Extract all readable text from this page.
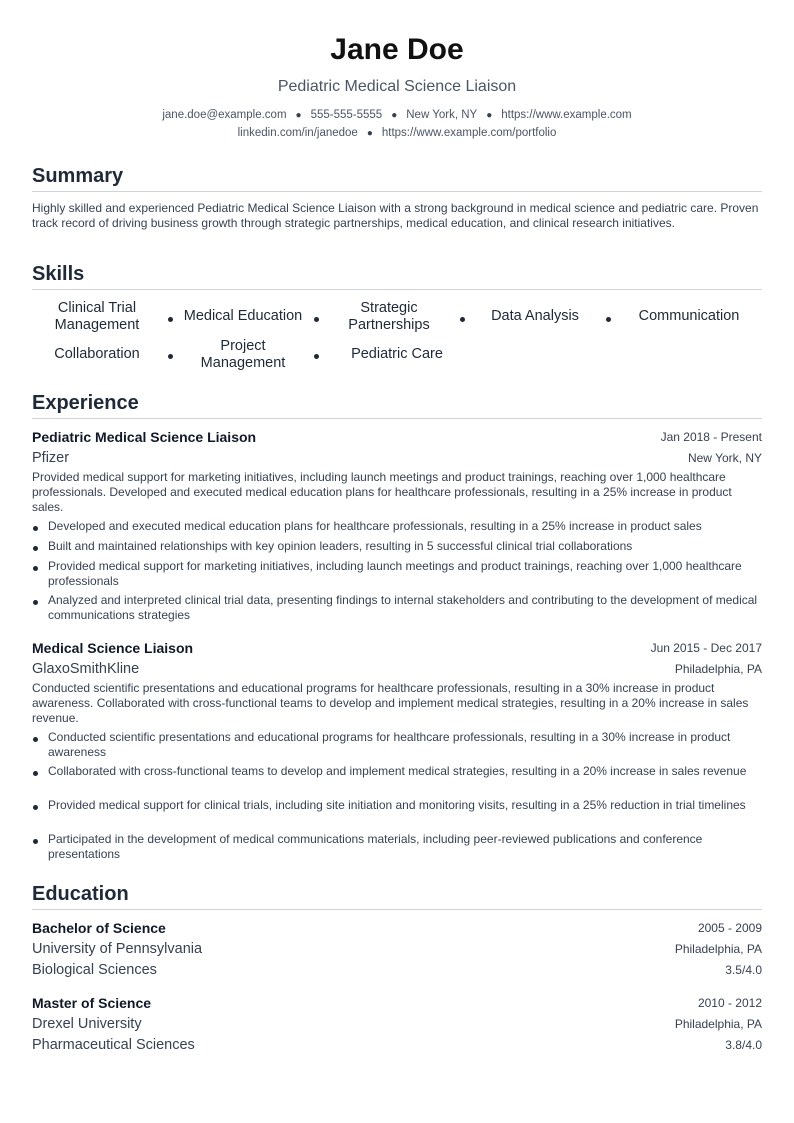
Jane Doe
Pediatric Medical Science Liaison
jane.doe@example.com ● 555-555-5555 ● New York, NY ● https://www.example.com
linkedin.com/in/janedoe ● https://www.example.com/portfolio
Summary
Highly skilled and experienced Pediatric Medical Science Liaison with a strong background in medical science and pediatric care. Proven track record of driving business growth through strategic partnerships, medical education, and clinical research initiatives.
Skills
Clinical Trial Management
Medical Education	Strategic Partnerships
Data Analysis	Communication
Collaboration	Project Management
Pediatric Care
Experience
Pediatric Medical Science Liaison	Jan 2018 - Present
Pfizer	New York, NY
Provided medical support for marketing initiatives, including launch meetings and product trainings, reaching over 1,000 healthcare professionals. Developed and executed medical education plans for healthcare professionals, resulting in a 25% increase in product sales.
Developed and executed medical education plans for healthcare professionals, resulting in a 25% increase in product sales
Built and maintained relationships with key opinion leaders, resulting in 5 successful clinical trial collaborations
Provided medical support for marketing initiatives, including launch meetings and product trainings, reaching over 1,000 healthcare professionals
Analyzed and interpreted clinical trial data, presenting findings to internal stakeholders and contributing to the development of medical communications strategies
Medical Science Liaison	Jun 2015 - Dec 2017
GlaxoSmithKline	Philadelphia, PA
Conducted scientific presentations and educational programs for healthcare professionals, resulting in a 30% increase in product awareness. Collaborated with cross-functional teams to develop and implement medical strategies, resulting in a 20% increase in sales revenue.
Conducted scientific presentations and educational programs for healthcare professionals, resulting in a 30% increase in product awareness
Collaborated with cross-functional teams to develop and implement medical strategies, resulting in a 20% increase in sales revenue
Provided medical support for clinical trials, including site initiation and monitoring visits, resulting in a 25% reduction in trial timelines
Participated in the development of medical communications materials, including peer-reviewed publications and conference presentations
Education
Bachelor of Science	2005 - 2009
University of Pennsylvania	Philadelphia, PA
Biological Sciences	3.5/4.0
Master of Science	2010 - 2012
Drexel University	Philadelphia, PA
Pharmaceutical Sciences	3.8/4.0
